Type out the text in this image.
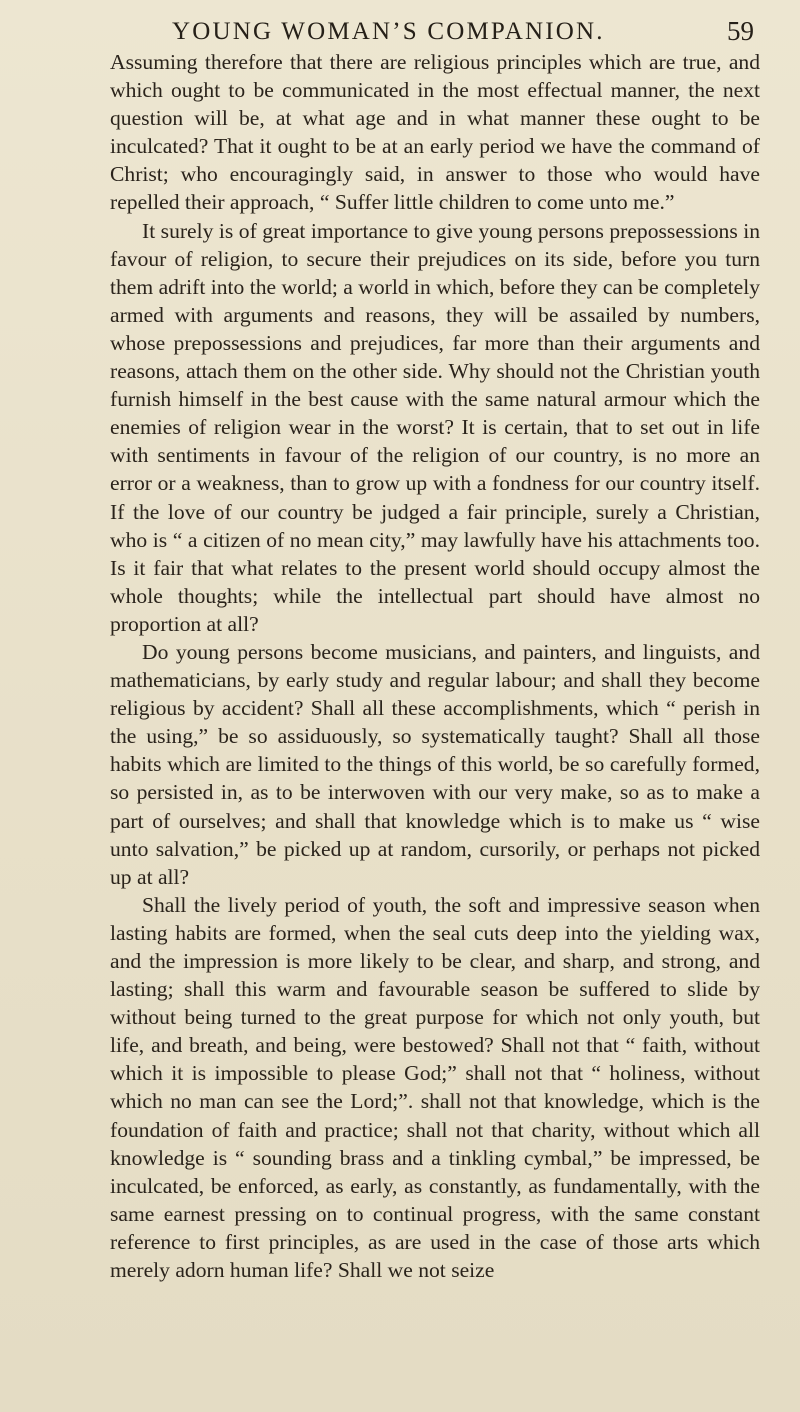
YOUNG WOMAN’S COMPANION.	59

Assuming therefore that there are religious principles which are true, and which ought to be communicated in the most effectual manner, the next question will be, at what age and in what manner these ought to be inculcated? That it ought to be at an early period we have the command of Christ; who encouragingly said, in answer to those who would have repelled their approach, “ Suffer little children to come unto me.”

It surely is of great importance to give young persons prepossessions in favour of religion, to secure their prejudices on its side, before you turn them adrift into the world; a world in which, before they can be completely armed with arguments and reasons, they will be assailed by numbers, whose prepossessions and prejudices, far more than their arguments and reasons, attach them on the other side. Why should not the Christian youth furnish himself in the best cause with the same natural armour which the enemies of religion wear in the worst? It is certain, that to set out in life with sentiments in favour of the religion of our country, is no more an error or a weakness, than to grow up with a fondness for our country itself. If the love of our country be judged a fair principle, surely a Christian, who is “ a citizen of no mean city,” may lawfully have his attachments too. Is it fair that what relates to the present world should occupy almost the whole thoughts; while the intellectual part should have almost no proportion at all?

Do young persons become musicians, and painters, and linguists, and mathematicians, by early study and regular labour; and shall they become religious by accident? Shall all these accomplishments, which “ perish in the using,” be so assiduously, so systematically taught? Shall all those habits which are limited to the things of this world, be so carefully formed, so persisted in, as to be interwoven with our very make, so as to make a part of ourselves; and shall that knowledge which is to make us “ wise unto salvation,” be picked up at random, cursorily, or perhaps not picked up at all?

Shall the lively period of youth, the soft and impressive season when lasting habits are formed, when the seal cuts deep into the yielding wax, and the impression is more likely to be clear, and sharp, and strong, and lasting; shall this warm and favourable season be suffered to slide by without being turned to the great purpose for which not only youth, but life, and breath, and being, were bestowed? Shall not that “ faith, without which it is impossible to please God;” shall not that “ holiness, without which no man can see the Lord;”. shall not that knowledge, which is the foundation of faith and practice; shall not that charity, without which all knowledge is “ sounding brass and a tinkling cymbal,” be impressed, be inculcated, be enforced, as early, as constantly, as fundamentally, with the same earnest pressing on to continual progress, with the same constant reference to first principles, as are used in the case of those arts which merely adorn human life? Shall we not seize
